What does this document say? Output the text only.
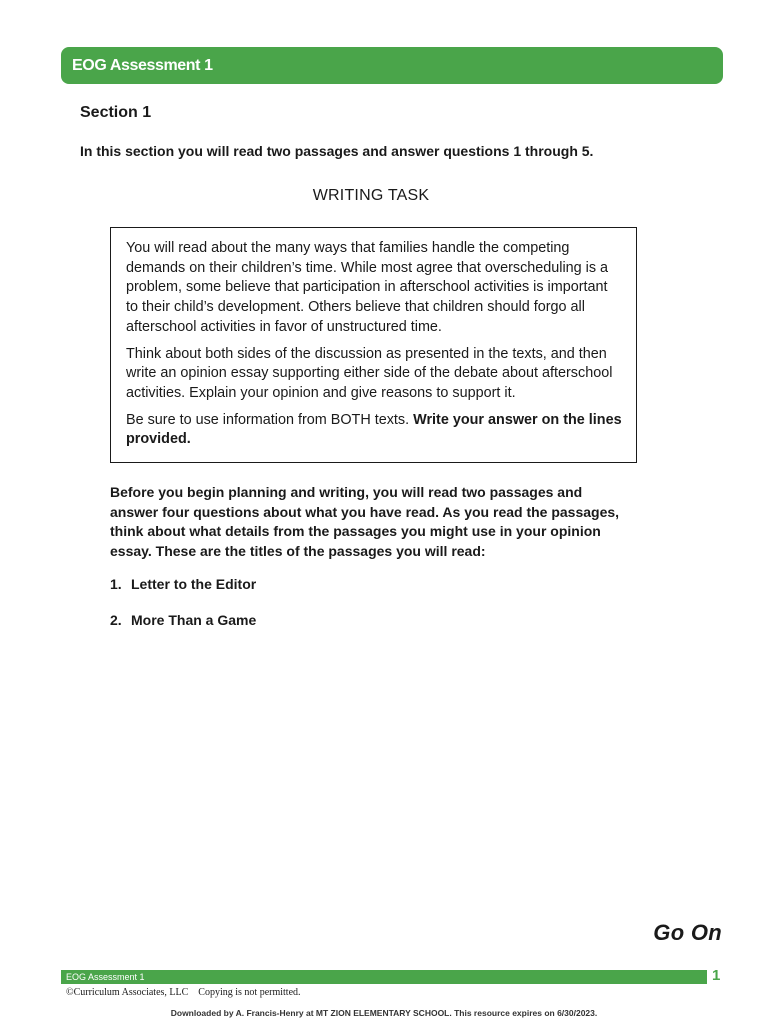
EOG Assessment 1
Section 1
In this section you will read two passages and answer questions 1 through 5.
WRITING TASK

You will read about the many ways that families handle the competing demands on their children’s time. While most agree that overscheduling is a problem, some believe that participation in afterschool activities is important to their child’s development. Others believe that children should forgo all afterschool activities in favor of unstructured time.

Think about both sides of the discussion as presented in the texts, and then write an opinion essay supporting either side of the debate about afterschool activities. Explain your opinion and give reasons to support it.

Be sure to use information from BOTH texts. Write your answer on the lines provided.

Before you begin planning and writing, you will read two passages and answer four questions about what you have read. As you read the passages, think about what details from the passages you might use in your opinion essay. These are the titles of the passages you will read:

1. Letter to the Editor
2. More Than a Game
Go On
EOG Assessment 1	1
©Curriculum Associates, LLC    Copying is not permitted.
Downloaded by A. Francis-Henry at MT ZION ELEMENTARY SCHOOL. This resource expires on 6/30/2023.
